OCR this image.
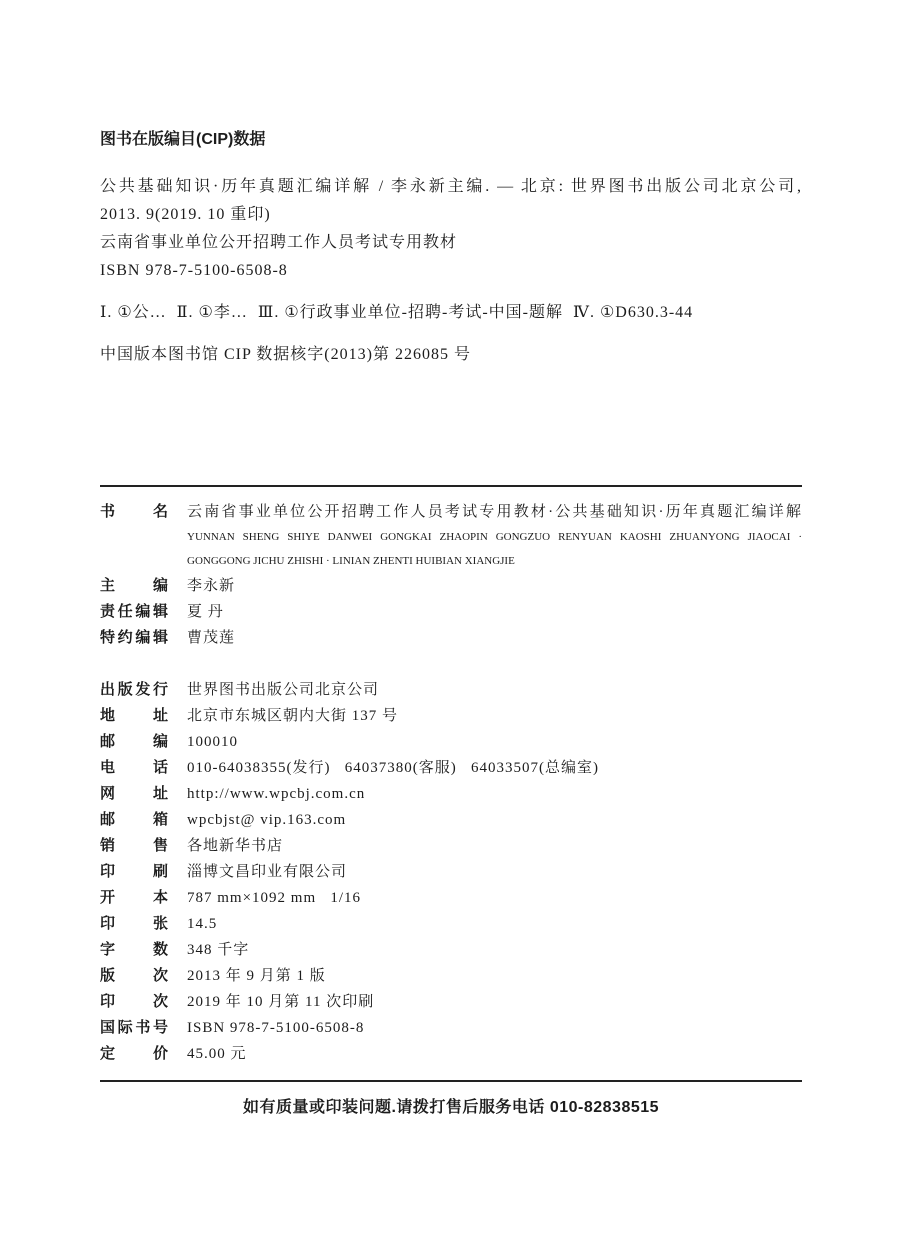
图书在版编目(CIP)数据
公共基础知识·历年真题汇编详解 / 李永新主编. — 北京: 世界图书出版公司北京公司,
2013. 9(2019. 10 重印)
云南省事业单位公开招聘工作人员考试专用教材
ISBN 978-7-5100-6508-8
Ⅰ. ①公…  Ⅱ. ①李…  Ⅲ. ①行政事业单位-招聘-考试-中国-题解  Ⅳ. ①D630.3-44
中国版本图书馆 CIP 数据核字(2013)第 226085 号
书 名 云南省事业单位公开招聘工作人员考试专用教材·公共基础知识·历年真题汇编详解
YUNNAN SHENG SHIYE DANWEI GONGKAI ZHAOPIN GONGZUO RENYUAN KAOSHI ZHUANYONG JIAOCAI ·
GONGGONG JICHU ZHISHI · LINIAN ZHENTI HUIBIAN XIANGJIE
主 编 李永新
责任编辑 夏 丹
特约编辑 曹茂莲
出版发行 世界图书出版公司北京公司
地 址 北京市东城区朝内大街 137 号
邮 编 100010
电 话 010-64038355(发行)   64037380(客服)   64033507(总编室)
网 址 http://www.wpcbj.com.cn
邮 箱 wpcbjst@ vip.163.com
销 售 各地新华书店
印 刷 淄博文昌印业有限公司
开 本 787 mm×1092 mm   1/16
印 张 14.5
字 数 348 千字
版 次 2013 年 9 月第 1 版
印 次 2019 年 10 月第 11 次印刷
国际书号 ISBN 978-7-5100-6508-8
定 价 45.00 元
如有质量或印装问题.请拨打售后服务电话 010-82838515
